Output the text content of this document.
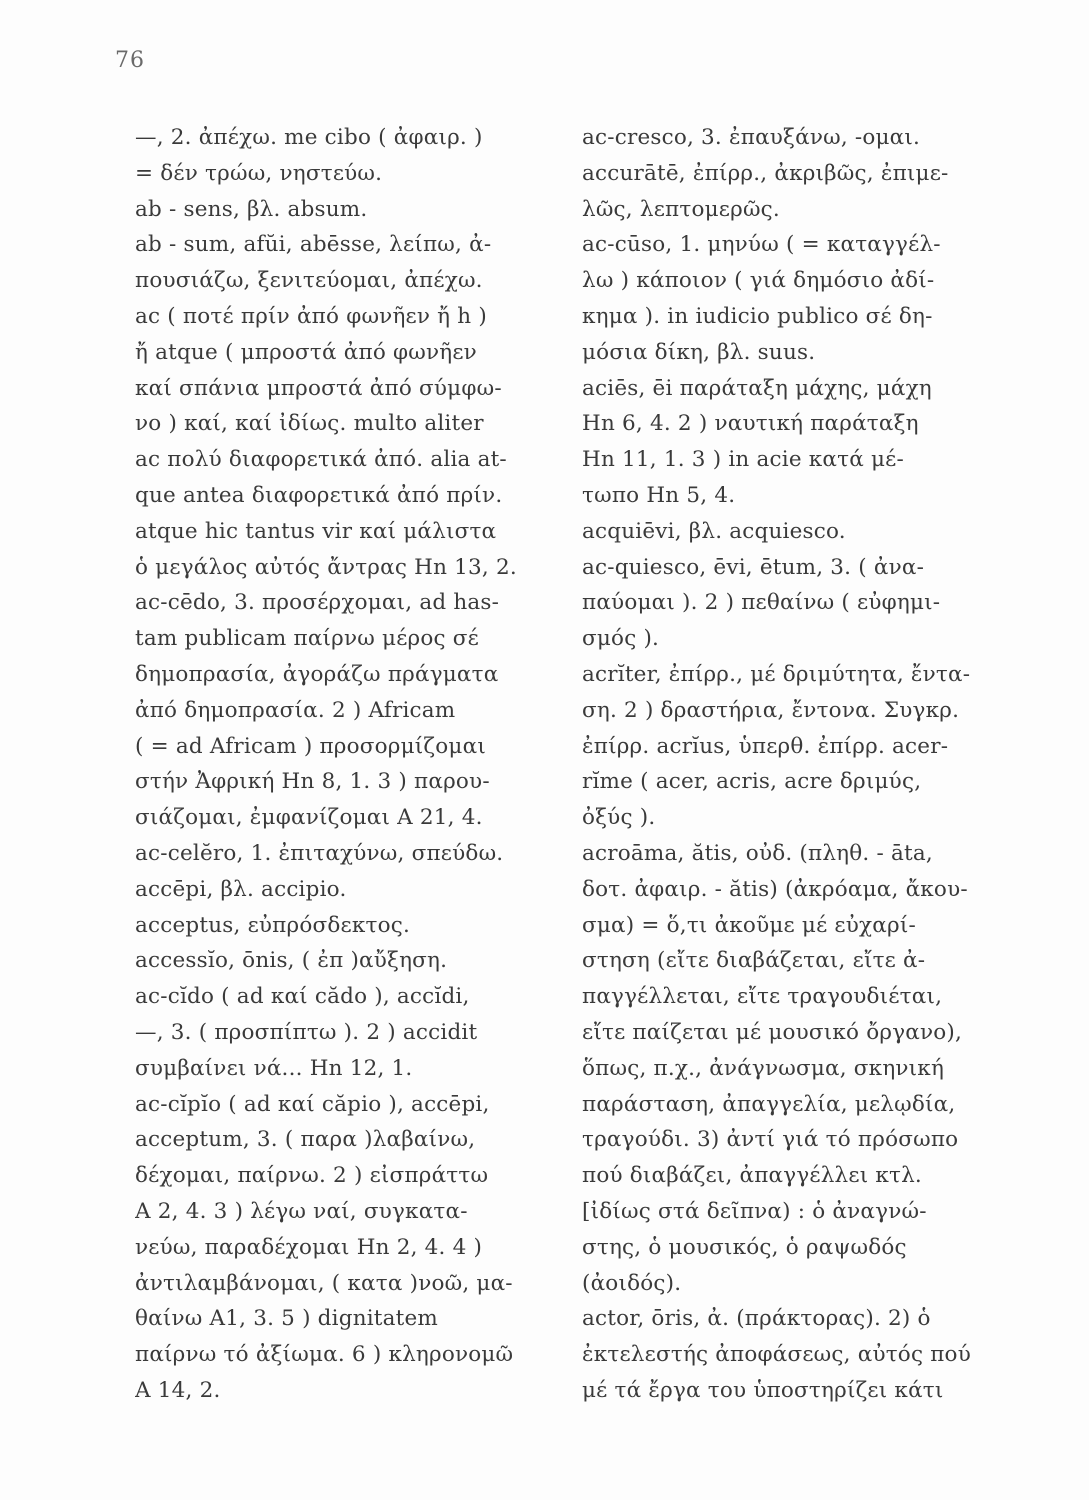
76
—, 2. ἀπέχω. me cibo ( ἀφαιρ. )
= δέν τρώω, νηστεύω.
ab - sens, βλ. absum.
ab - sum, afŭi, abēsse, λείπω, ἀ-
πουσιάζω, ξενιτεύομαι, ἀπέχω.
ac ( ποτέ πρίν ἀπό φωνῆεν ἤ h )
ἤ atque ( μπροστά ἀπό φωνῆεν
καί σπάνια μπροστά ἀπό σύμφω-
νο ) καί, καί ἰδίως. multo aliter
ac πολύ διαφορετικά ἀπό. alia at-
que antea διαφορετικά ἀπό πρίν.
atque hic tantus vir καί μάλιστα
ὁ μεγάλος αὐτός ἄντρας Hn 13, 2.
ac-cēdo, 3. προσέρχομαι, ad has-
tam publicam παίρνω μέρος σέ
δημοπρασία, ἀγοράζω πράγματα
ἀπό δημοπρασία. 2 ) Africam
( = ad Africam ) προσορμίζομαι
στήν Ἀφρική Hn 8, 1. 3 ) παρου-
σιάζομαι, ἐμφανίζομαι A 21, 4.
ac-celĕro, 1. ἐπιταχύνω, σπεύδω.
accēpi, βλ. accipio.
acceptus, εὐπρόσδεκτος.
accessĭo, ōnis, ( ἐπ )αὔξηση.
ac-cĭdo ( ad καί cădo ), accĭdi,
—, 3. ( προσπίπτω ). 2 ) accidit
συμβαίνει νά... Hn 12, 1.
ac-cĭpĭo ( ad καί căpio ), accēpi,
acceptum, 3. ( παρα )λαβαίνω,
δέχομαι, παίρνω. 2 ) εἰσπράττω
A 2, 4. 3 ) λέγω ναί, συγκατα-
νεύω, παραδέχομαι Hn 2, 4. 4 )
ἀντιλαμβάνομαι, ( κατα )νοῶ, μα-
θαίνω A1, 3. 5 ) dignitatem
παίρνω τό ἀξίωμα. 6 ) κληρονομῶ
A 14, 2.
ac-cresco, 3. ἐπαυξάνω, -ομαι.
accurātē, ἐπίρρ., ἀκριβῶς, ἐπιμε-
λῶς, λεπτομερῶς.
ac-cūso, 1. μηνύω ( = καταγγέλ-
λω ) κάποιον ( γιά δημόσιο ἀδί-
κημα ). in iudicio publico σέ δη-
μόσια δίκη, βλ. suus.
aciēs, ēi παράταξη μάχης, μάχη
Hn 6, 4. 2 ) ναυτική παράταξη
Hn 11, 1. 3 ) in acie κατά μέ-
τωπο Hn 5, 4.
acquiēvi, βλ. acquiesco.
ac-quiesco, ēvi, ētum, 3. ( ἀνα-
παύομαι ). 2 ) πεθαίνω ( εὐφημι-
σμός ).
acrĭter, ἐπίρρ., μέ δριμύτητα, ἔντα-
ση. 2 ) δραστήρια, ἔντονα. Συγκρ.
ἐπίρρ. acrĭus, ὑπερθ. ἐπίρρ. acer-
rĭme ( acer, acris, acre δριμύς,
ὀξύς ).
acroāma, ătis, οὐδ. (πληθ. - āta,
δοτ. ἀφαιρ. - ătis) (ἀκρόαμα, ἄκου-
σμα) = ὅ,τι ἀκοῦμε μέ εὐχαρί-
στηση (εἴτε διαβάζεται, εἴτε ἀ-
παγγέλλεται, εἴτε τραγουδιέται,
εἴτε παίζεται μέ μουσικό ὄργανο),
ὅπως, π.χ., ἀνάγνωσμα, σκηνική
παράσταση, ἀπαγγελία, μελῳδία,
τραγούδι. 3) ἀντί γιά τό πρόσωπο
πού διαβάζει, ἀπαγγέλλει κτλ.
[ἰδίως στά δεῖπνα) : ὁ ἀναγνώ-
στης, ὁ μουσικός, ὁ ραψωδός
(ἀοιδός).
actor, ōris, ἀ. (πράκτορας). 2) ὁ
ἐκτελεστής ἀποφάσεως, αὐτός πού
μέ τά ἔργα του ὑποστηρίζει κάτι
